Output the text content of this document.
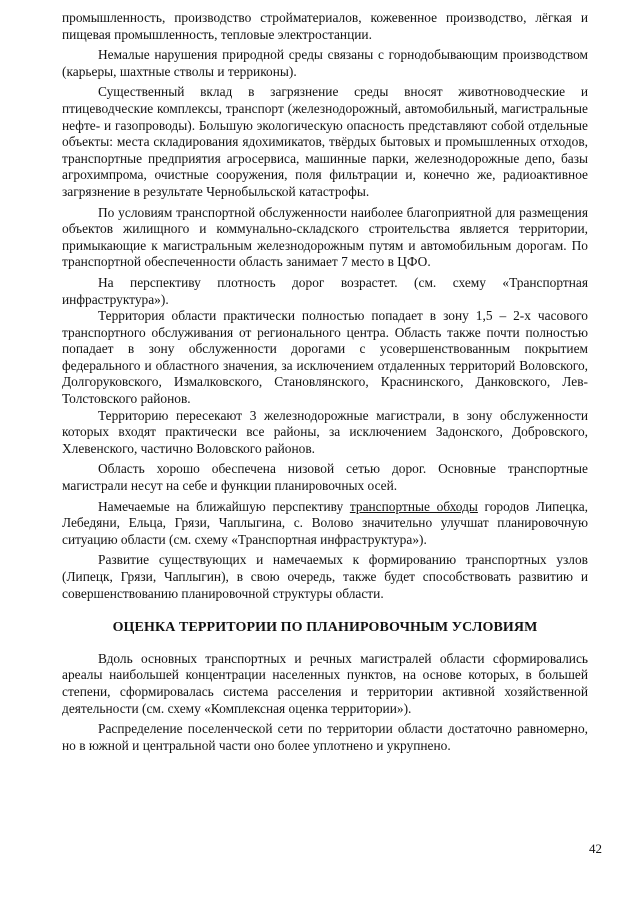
промышленность, производство стройматериалов, кожевенное производство, лёгкая и пищевая промышленность, тепловые электростанции.

Немалые нарушения природной среды связаны с горнодобывающим производством (карьеры, шахтные стволы и терриконы).

Существенный вклад в загрязнение среды вносят животноводческие и птицеводческие комплексы, транспорт (железнодорожный, автомобильный, магистральные нефте- и газопроводы). Большую экологическую опасность представляют собой отдельные объекты: места складирования ядохимикатов, твёрдых бытовых и промышленных отходов, транспортные предприятия агросервиса, машинные парки, железнодорожные депо, базы агрохимпрома, очистные сооружения, поля фильтрации и, конечно же, радиоактивное загрязнение в результате Чернобыльской катастрофы.

По условиям транспортной обслуженности наиболее благоприятной для размещения объектов жилищного и коммунально-складского строительства является территории, примыкающие к магистральным железнодорожным путям и автомобильным дорогам. По транспортной обеспеченности область занимает 7 место в ЦФО.

На перспективу плотность дорог возрастет. (см. схему «Транспортная инфраструктура»).

Территория области практически полностью попадает в зону 1,5 – 2-х часового транспортного обслуживания от регионального центра. Область также почти полностью попадает в зону обслуженности дорогами с усовершенствованным покрытием федерального и областного значения, за исключением отдаленных территорий Воловского, Долгоруковского, Измалковского, Становлянского, Краснинского, Данковского, Лев-Толстовского районов.

Территорию пересекают 3 железнодорожные магистрали, в зону обслуженности которых входят практически все районы, за исключением Задонского, Добровского, Хлевенского, частично Воловского районов.

Область хорошо обеспечена низовой сетью дорог. Основные транспортные магистрали несут на себе и функции планировочных осей.

Намечаемые на ближайшую перспективу транспортные обходы городов Липецка, Лебедяни, Ельца, Грязи, Чаплыгина, с. Волово значительно улучшат планировочную ситуацию области (см. схему «Транспортная инфраструктура»).

Развитие существующих и намечаемых к формированию транспортных узлов (Липецк, Грязи, Чаплыгин), в свою очередь, также будет способствовать развитию и совершенствованию планировочной структуры области.

ОЦЕНКА ТЕРРИТОРИИ ПО ПЛАНИРОВОЧНЫМ УСЛОВИЯМ

Вдоль основных транспортных и речных магистралей области сформировались ареалы наибольшей концентрации населенных пунктов, на основе которых, в большей степени, сформировалась система расселения и территории активной хозяйственной деятельности (см. схему «Комплексная оценка территории»).

Распределение поселенческой сети по территории области достаточно равномерно, но в южной и центральной части оно более уплотнено и укрупнено.

42
